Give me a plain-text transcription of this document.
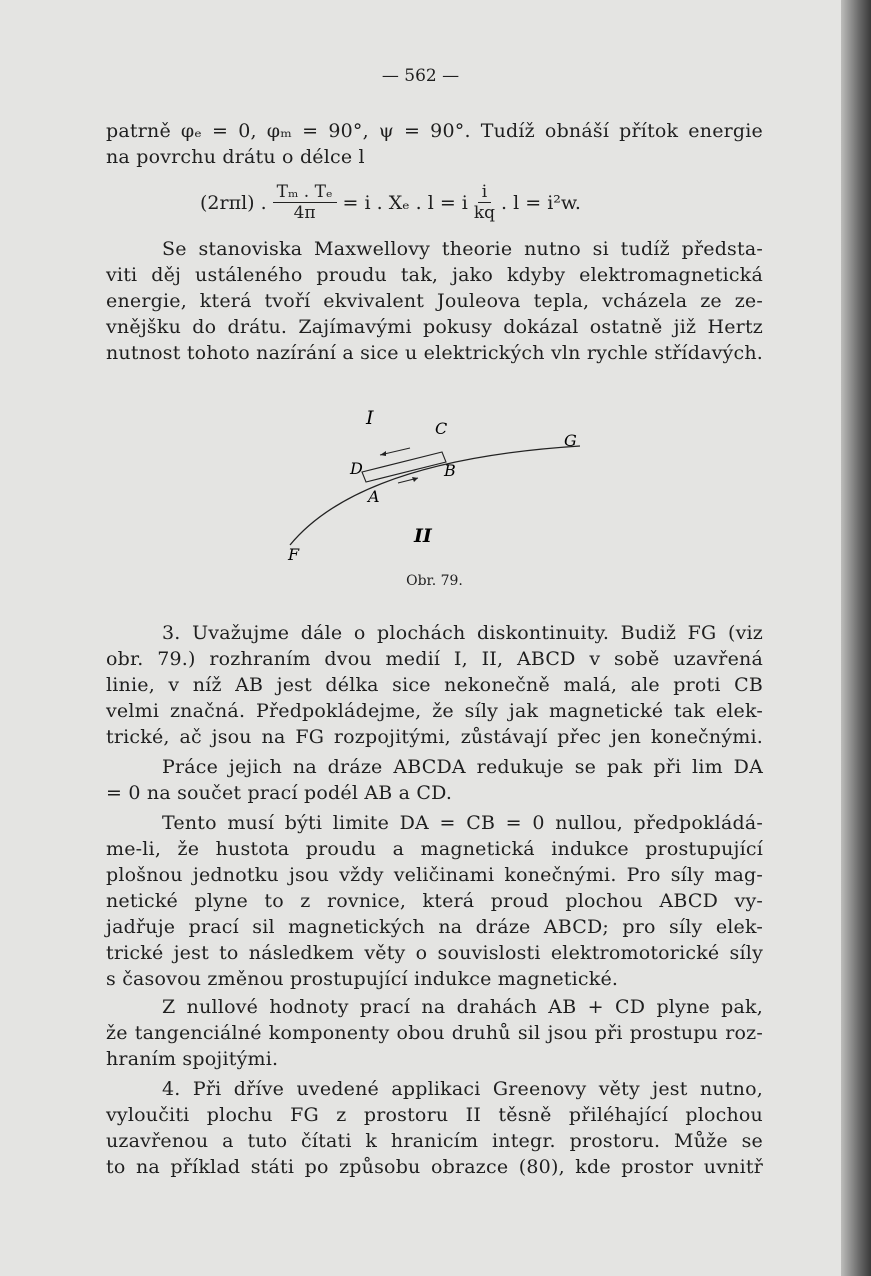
— 562 —
patrně φₑ = 0, φₘ = 90°, ψ = 90°. Tudíž obnáší přítok energie
na povrchu drátu o délce l
(2rπl) . $\frac{\text{Tₘ . Tₑ}}{4\pi} = i$ . Xₑ . l = i $\frac{i}{kq}$ . l = i²w.
Se stanoviska Maxwellovy theorie nutno si tudíž předsta-
viti děj ustáleného proudu tak, jako kdyby elektromagnetická
energie, která tvoří ekvivalent Jouleova tepla, vcházela ze ze-
vnějšku do drátu. Zajímavými pokusy dokázal ostatně již Hertz
nutnost tohoto nazírání a sice u elektrických vln rychle střídavých.
I	C
G
D	B
A
II
F
Obr. 79.
3. Uvažujme dále o plochách diskontinuity. Budiž FG (viz
obr. 79.) rozhraním dvou medií I, II, ABCD v sobě uzavřená
linie, v níž AB jest délka sice nekonečně malá, ale proti CB
velmi značná. Předpokládejme, že síly jak magnetické tak elek-
trické, ač jsou na FG rozpojitými, zůstávají přec jen konečnými.
Práce jejich na dráze ABCDA redukuje se pak při lim DA
= 0 na součet prací podél AB a CD.
Tento musí býti limite DA = CB = 0 nullou, předpokládá-
me-li, že hustota proudu a magnetická indukce prostupující
plošnou jednotku jsou vždy veličinami konečnými. Pro síly mag-
netické plyne to z rovnice, která proud plochou ABCD vy-
jadřuje prací sil magnetických na dráze ABCD; pro síly elek-
trické jest to následkem věty o souvislosti elektromotorické síly
s časovou změnou prostupující indukce magnetické.
Z nullové hodnoty prací na drahách AB + CD plyne pak,
že tangenciálné komponenty obou druhů sil jsou při prostupu roz-
hraním spojitými.
4. Při dříve uvedené applikaci Greenovy věty jest nutno,
vyloučiti plochu FG z prostoru II těsně přiléhající plochou
uzavřenou a tuto čítati k hranicím integr. prostoru. Může se
to na příklad státi po způsobu obrazce (80), kde prostor uvnitř
